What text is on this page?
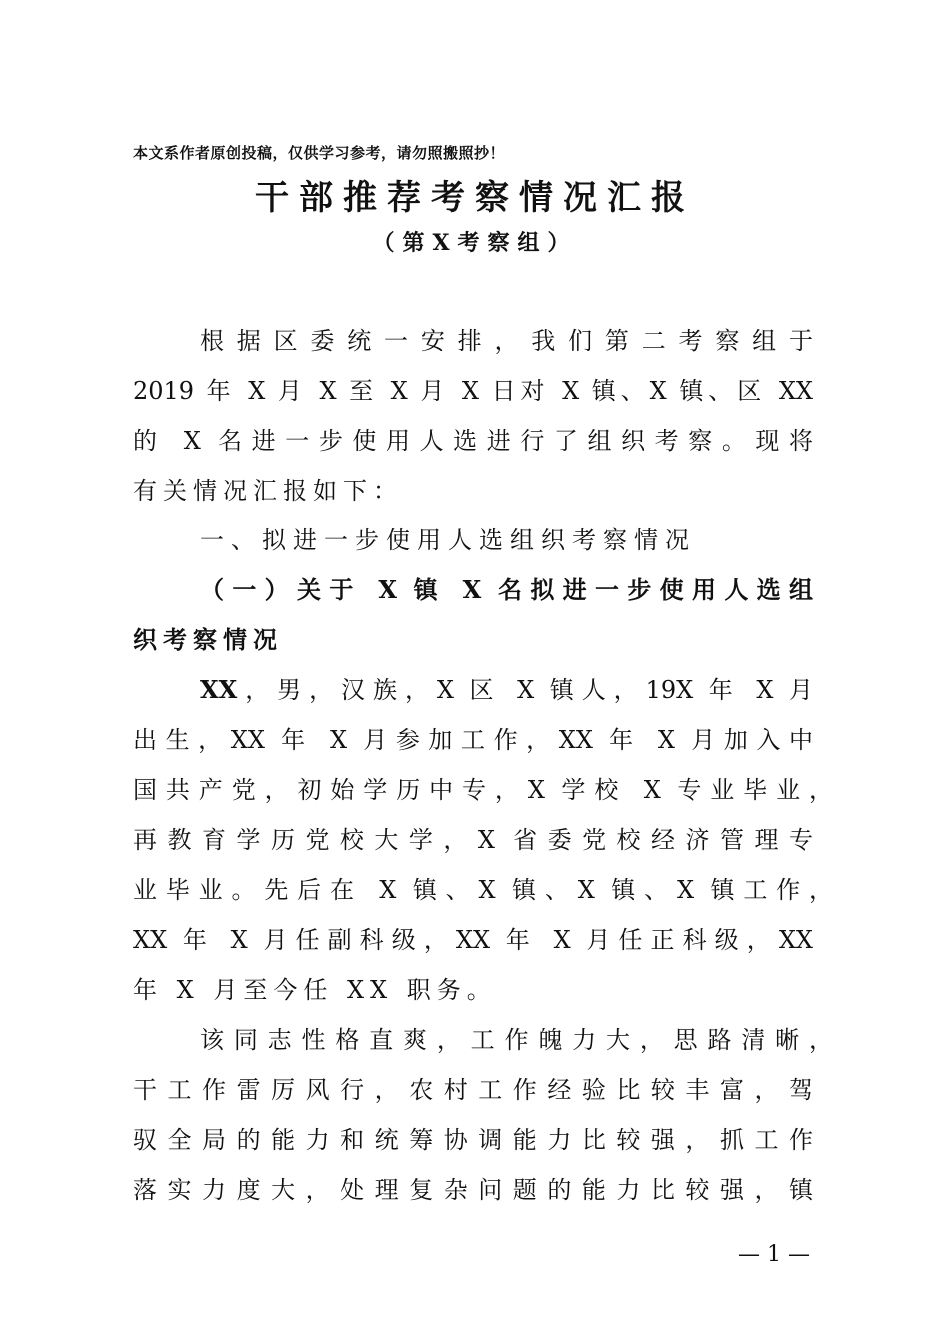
本文系作者原创投稿，仅供学习参考，请勿照搬照抄！
干部推荐考察情况汇报
（第X考察组）
根据区委统一安排，我们第二考察组于
2019 年 X 月 X 至 X 月 X 日对 X 镇、X 镇、区 XX
的 X 名进一步使用人选进行了组织考察。现将
有关情况汇报如下：
一、拟进一步使用人选组织考察情况
（一）关于 X 镇 X 名拟进一步使用人选组
织考察情况
XX，男，汉族，X 区 X 镇人，19X 年 X 月
出生，XX 年 X 月参加工作，XX 年 X 月加入中
国共产党，初始学历中专，X 学校 X 专业毕业，
再教育学历党校大学，X 省委党校经济管理专
业毕业。先后在 X 镇、X 镇、X 镇、X 镇工作，
XX 年 X 月任副科级，XX 年 X 月任正科级，XX
年 X 月至今任 XX 职务。
该同志性格直爽，工作魄力大，思路清晰，
干工作雷厉风行，农村工作经验比较丰富，驾
驭全局的能力和统筹协调能力比较强，抓工作
落实力度大，处理复杂问题的能力比较强，镇
— 1 —
